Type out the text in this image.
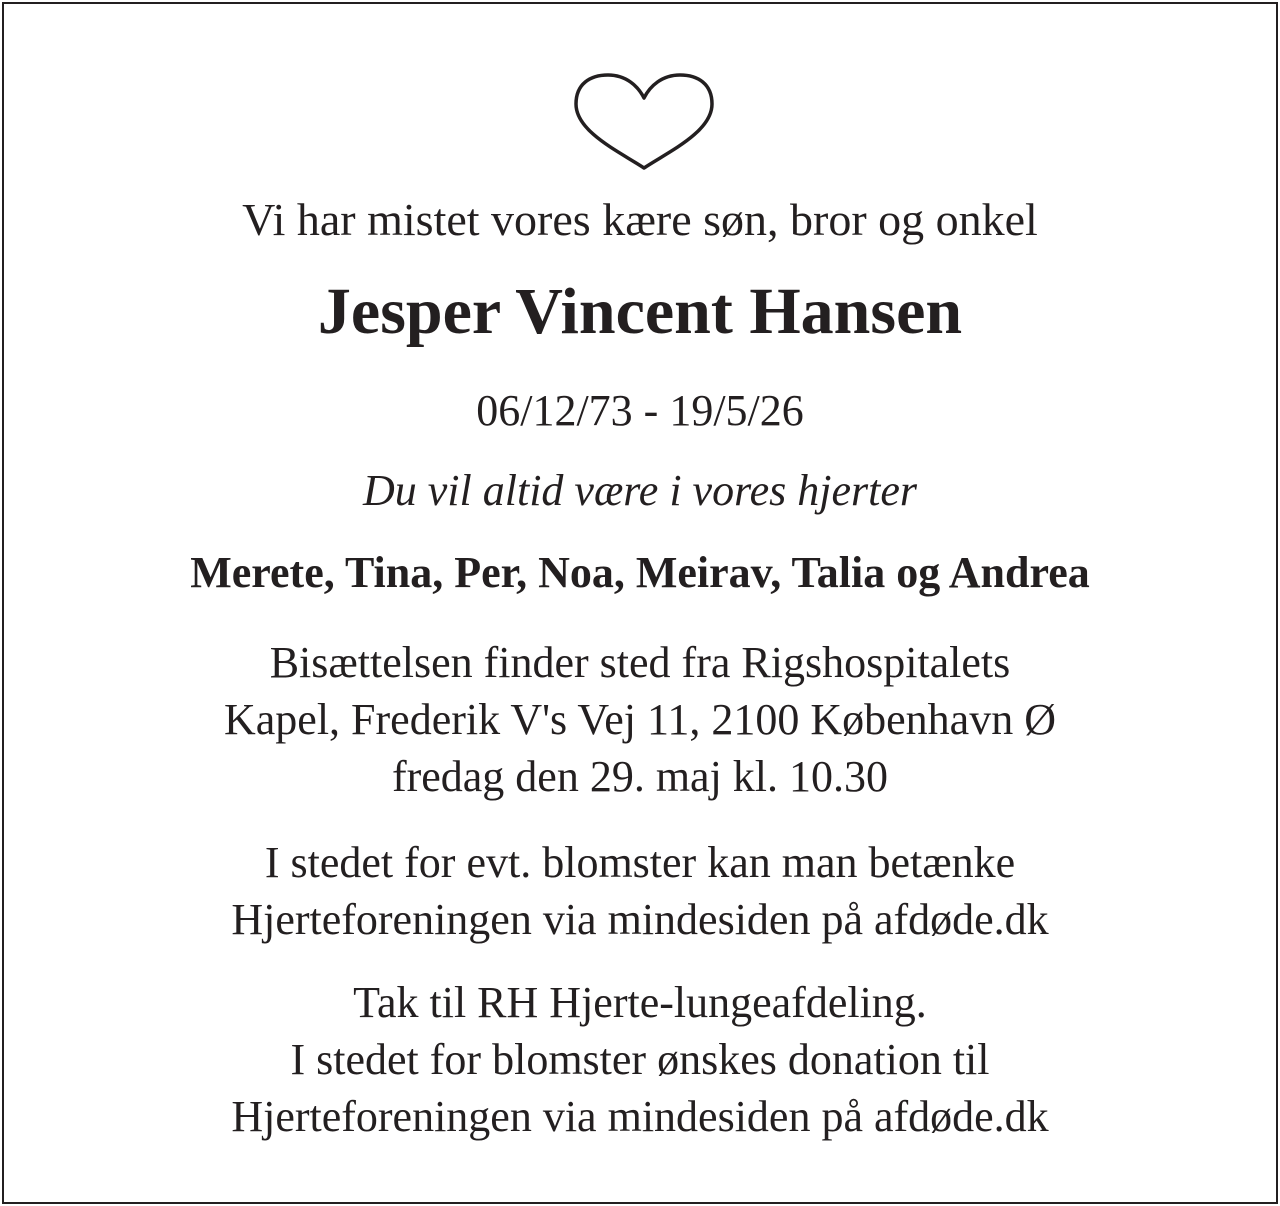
Vi har mistet vores kære søn, bror og onkel
Jesper Vincent Hansen
06/12/73 - 19/5/26
Du vil altid være i vores hjerter
Merete, Tina, Per, Noa, Meirav, Talia og Andrea
Bisættelsen finder sted fra Rigshospitalets
Kapel, Frederik V's Vej 11, 2100 København Ø
fredag den 29. maj kl. 10.30
I stedet for evt. blomster kan man betænke
Hjerteforeningen via mindesiden på afdøde.dk
Tak til RH Hjerte-lungeafdeling.
I stedet for blomster ønskes donation til
Hjerteforeningen via mindesiden på afdøde.dk
